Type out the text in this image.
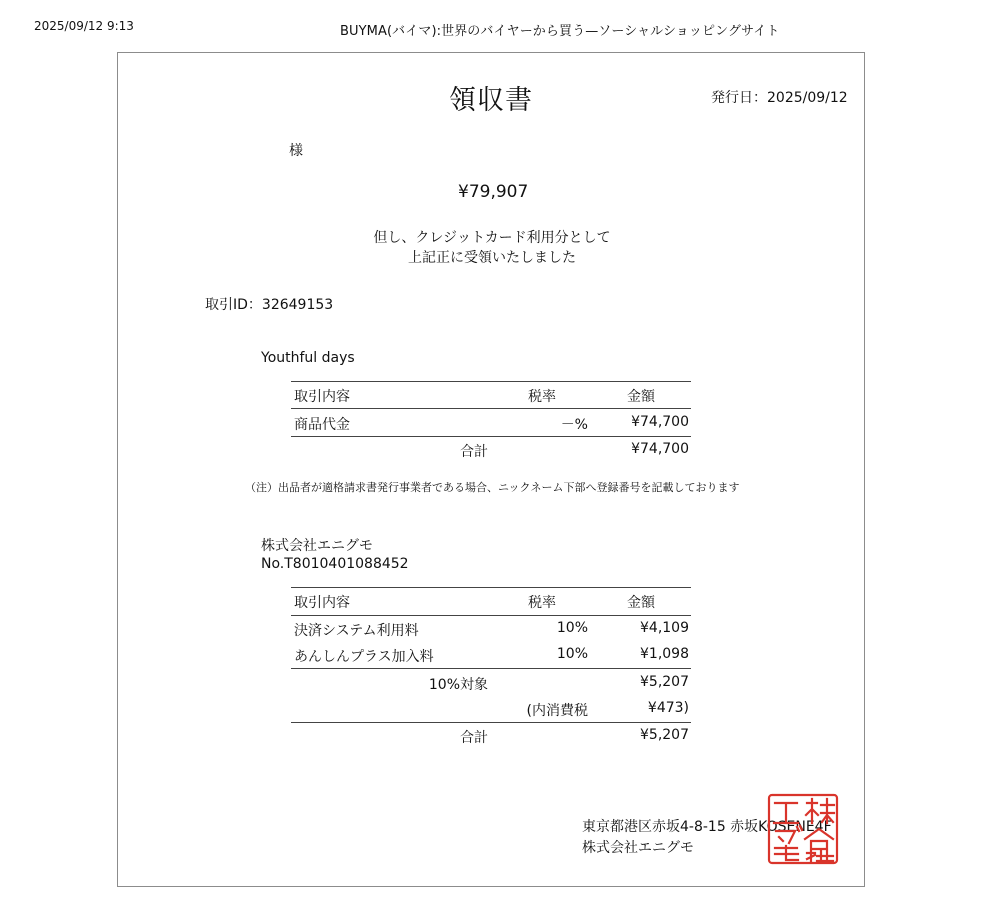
2025/09/12 9:13	BUYMA(バイマ):世界のバイヤーから買う—ソーシャルショッピングサイト
領収書	発行日：2025/09/12
様
¥79,907
但し、クレジットカード利用分として
上記正に受領いたしました
取引ID：32649153
Youthful days
取引内容	税率	金額
商品代金	－%	¥74,700
合計	¥74,700
（注）出品者が適格請求書発行事業者である場合、ニックネーム下部へ登録番号を記載しております
株式会社エニグモ
No.T8010401088452
取引内容	税率	金額
決済システム利用料	10%	¥4,109
あんしんプラス加入料	10%	¥1,098
10%対象	¥5,207
(内消費税	¥473)
合計	¥5,207
東京都港区赤坂4-8-15 赤坂KOSENE4F
株式会社エニグモ
